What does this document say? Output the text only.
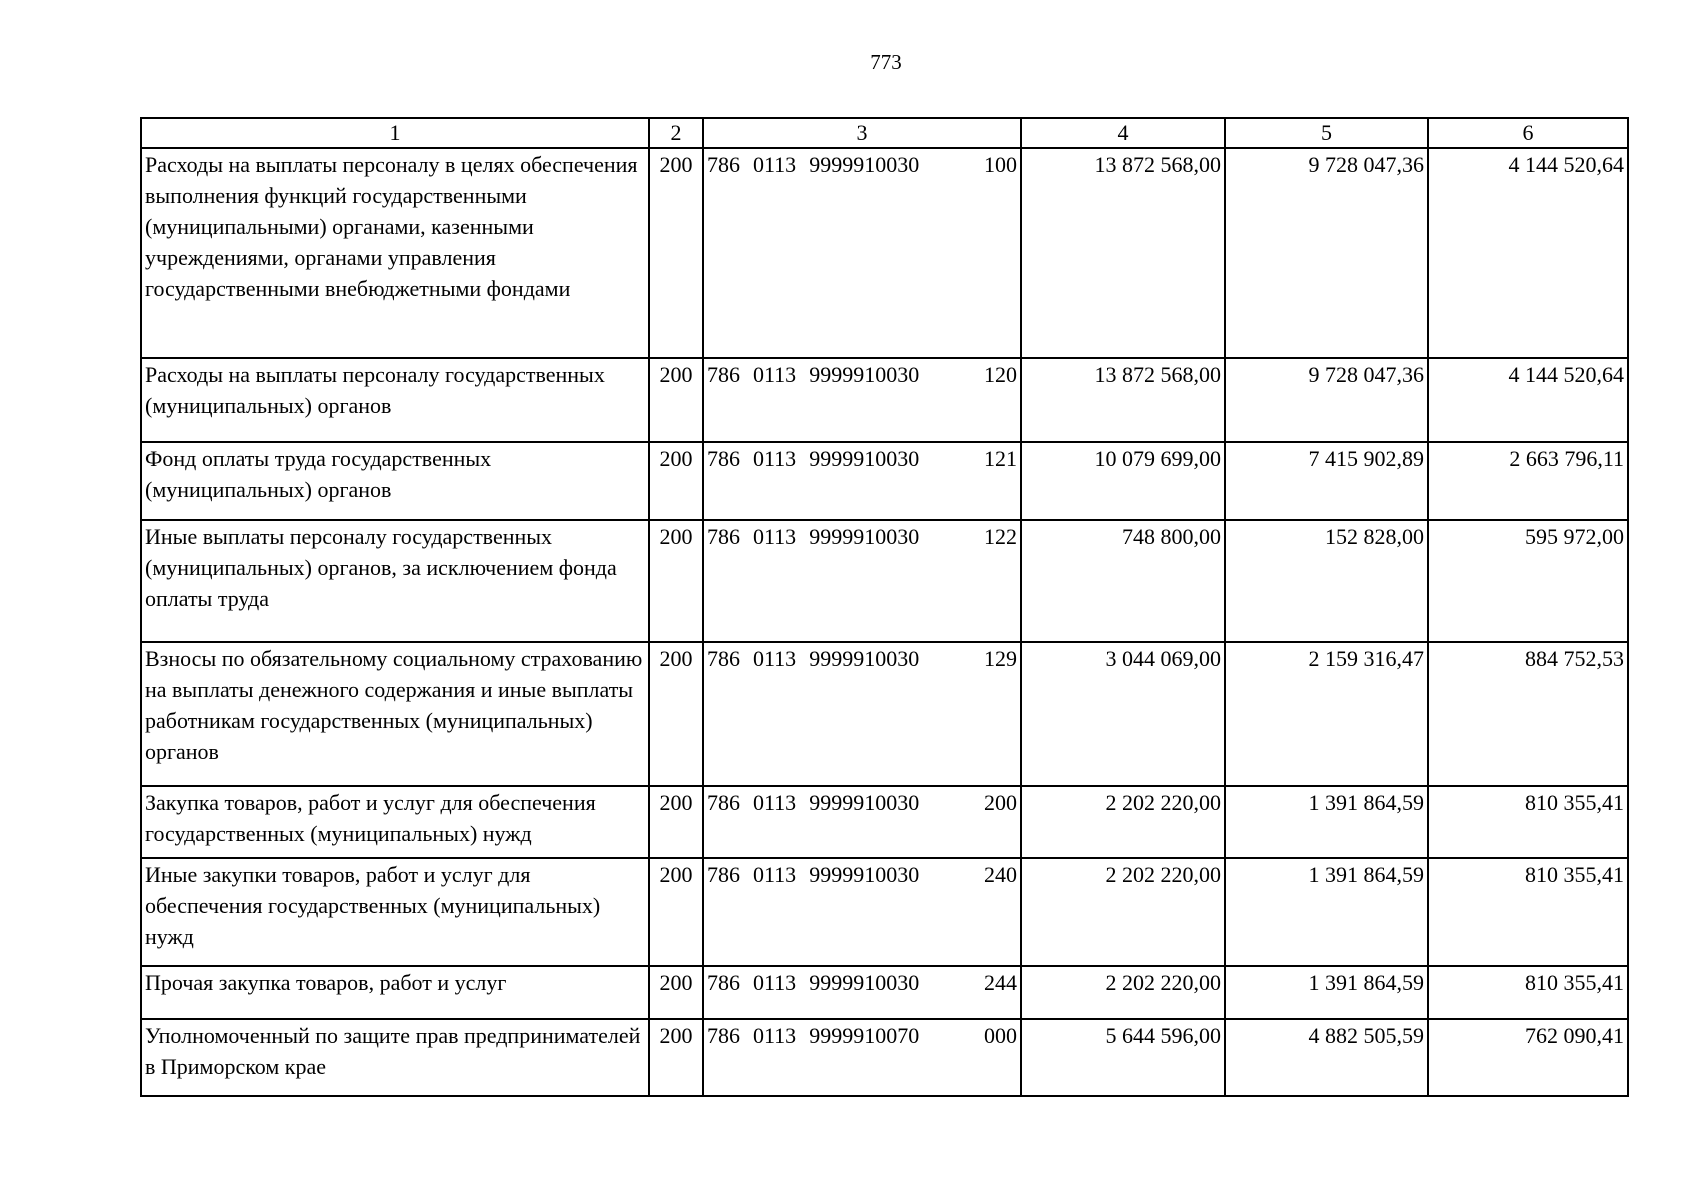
773
1	2	3	4	5	6
Расходы на выплаты персоналу в целях обеспечения выполнения функций государственными (муниципальными) органами, казенными учреждениями, органами управления государственными внебюджетными фондами	200	786 0113 9999910030 100	13 872 568,00	9 728 047,36	4 144 520,64
Расходы на выплаты персоналу государственных (муниципальных) органов	200	786 0113 9999910030 120	13 872 568,00	9 728 047,36	4 144 520,64
Фонд оплаты труда государственных (муниципальных) органов	200	786 0113 9999910030 121	10 079 699,00	7 415 902,89	2 663 796,11
Иные выплаты персоналу государственных (муниципальных) органов, за исключением фонда оплаты труда	200	786 0113 9999910030 122	748 800,00	152 828,00	595 972,00
Взносы по обязательному социальному страхованию на выплаты денежного содержания и иные выплаты работникам государственных (муниципальных) органов	200	786 0113 9999910030 129	3 044 069,00	2 159 316,47	884 752,53
Закупка товаров, работ и услуг для обеспечения государственных (муниципальных) нужд	200	786 0113 9999910030 200	2 202 220,00	1 391 864,59	810 355,41
Иные закупки товаров, работ и услуг для обеспечения государственных (муниципальных) нужд	200	786 0113 9999910030 240	2 202 220,00	1 391 864,59	810 355,41
Прочая закупка товаров, работ и услуг	200	786 0113 9999910030 244	2 202 220,00	1 391 864,59	810 355,41
Уполномоченный по защите прав предпринимателей в Приморском крае	200	786 0113 9999910070 000	5 644 596,00	4 882 505,59	762 090,41
